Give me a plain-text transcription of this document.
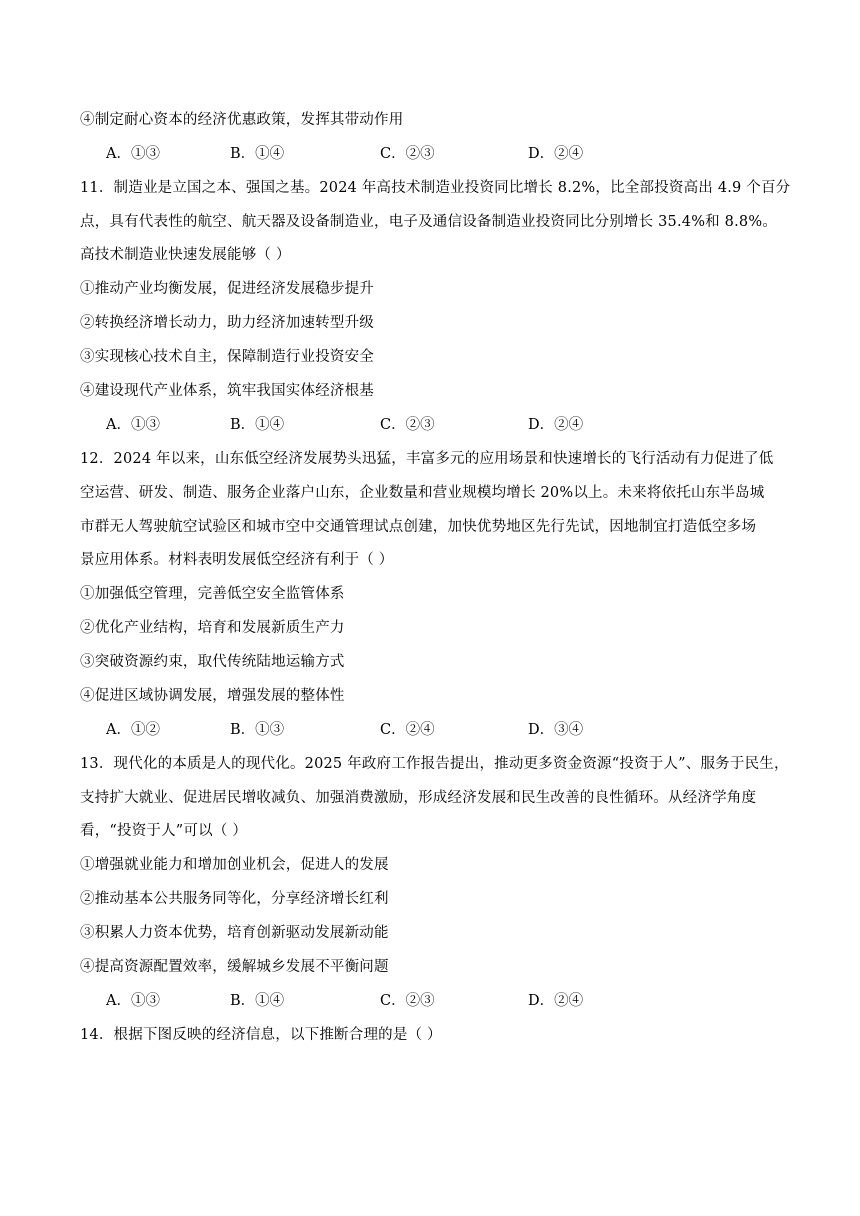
④制定耐心资本的经济优惠政策，发挥其带动作用
A．①③	B．①④	C．②③	D．②④
11．制造业是立国之本、强国之基。2024 年高技术制造业投资同比增长 8.2%，比全部投资高出 4.9 个百分
点，具有代表性的航空、航天器及设备制造业，电子及通信设备制造业投资同比分别增长 35.4%和 8.8%。
高技术制造业快速发展能够（ ）
①推动产业均衡发展，促进经济发展稳步提升
②转换经济增长动力，助力经济加速转型升级
③实现核心技术自主，保障制造行业投资安全
④建设现代产业体系，筑牢我国实体经济根基
A．①③	B．①④	C．②③	D．②④
12．2024 年以来，山东低空经济发展势头迅猛，丰富多元的应用场景和快速增长的飞行活动有力促进了低
空运营、研发、制造、服务企业落户山东，企业数量和营业规模均增长 20%以上。未来将依托山东半岛城
市群无人驾驶航空试验区和城市空中交通管理试点创建，加快优势地区先行先试，因地制宜打造低空多场
景应用体系。材料表明发展低空经济有利于（ ）
①加强低空管理，完善低空安全监管体系
②优化产业结构，培育和发展新质生产力
③突破资源约束，取代传统陆地运输方式
④促进区域协调发展，增强发展的整体性
A．①②	B．①③	C．②④	D．③④
13．现代化的本质是人的现代化。2025 年政府工作报告提出，推动更多资金资源“投资于人”、服务于民生，
支持扩大就业、促进居民增收减负、加强消费激励，形成经济发展和民生改善的良性循环。从经济学角度
看，“投资于人”可以（ ）
①增强就业能力和增加创业机会，促进人的发展
②推动基本公共服务同等化，分享经济增长红利
③积累人力资本优势，培育创新驱动发展新动能
④提高资源配置效率，缓解城乡发展不平衡问题
A．①③	B．①④	C．②③	D．②④
14．根据下图反映的经济信息，以下推断合理的是（ ）
